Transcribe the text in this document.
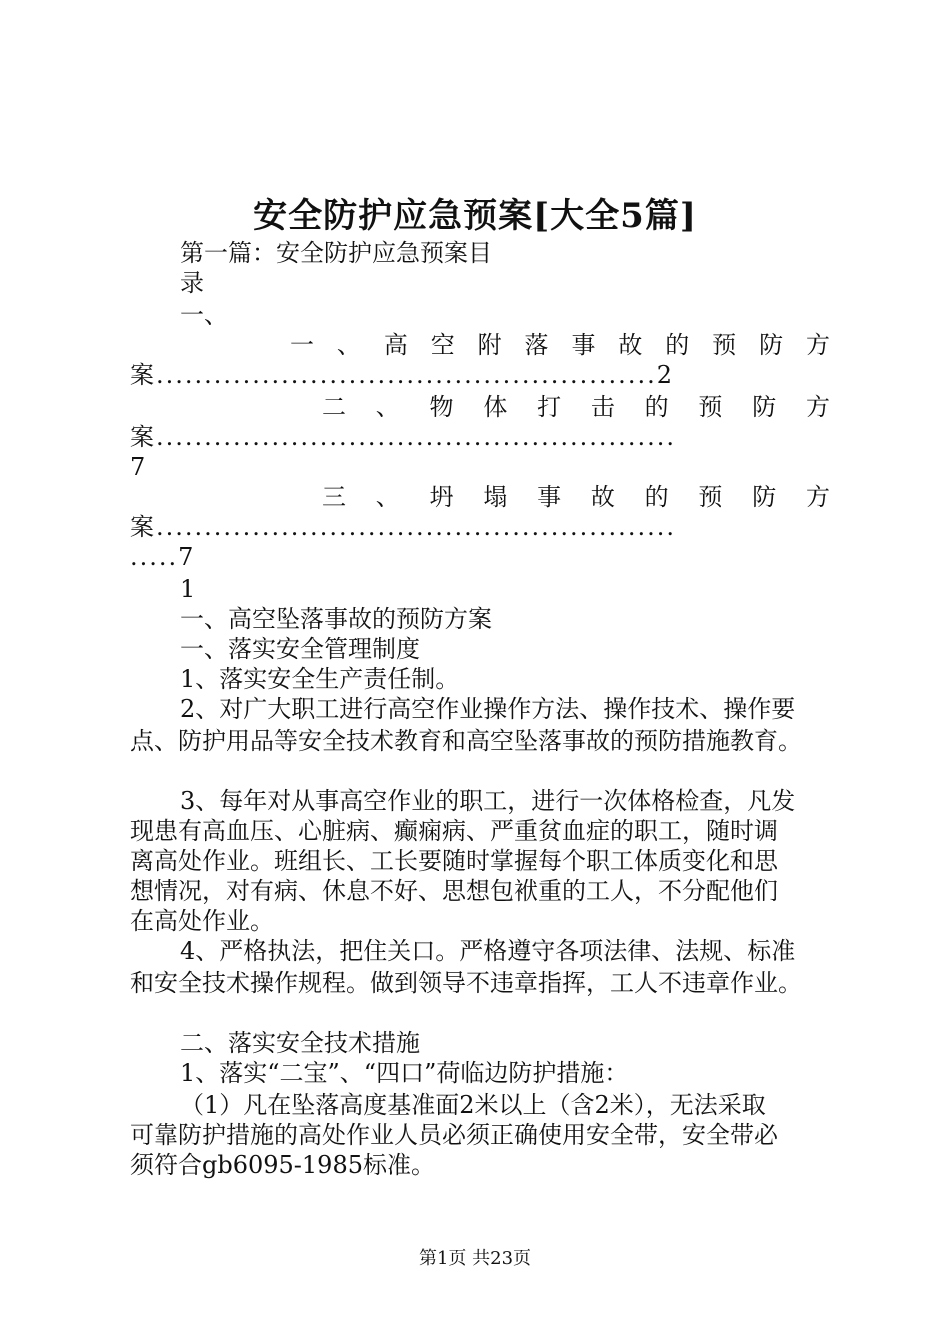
安全防护应急预案[大全5篇]
第一篇：安全防护应急预案目
录
一、
一 、 高 空 附 落 事 故 的 预 防 方
案....................................................2
二 、 物 体 打 击 的 预 防 方
案......................................................
7
三 、 坍 塌 事 故 的 预 防 方
案......................................................
.....7
1
一、高空坠落事故的预防方案
一、落实安全管理制度
1、落实安全生产责任制。
2、对广大职工进行高空作业操作方法、操作技术、操作要
点、防护用品等安全技术教育和高空坠落事故的预防措施教育。
3、每年对从事高空作业的职工，进行一次体格检查，凡发
现患有高血压、心脏病、癫痫病、严重贫血症的职工，随时调
离高处作业。班组长、工长要随时掌握每个职工体质变化和思
想情况，对有病、休息不好、思想包袱重的工人，不分配他们
在高处作业。
4、严格执法，把住关口。严格遵守各项法律、法规、标准
和安全技术操作规程。做到领导不违章指挥，工人不违章作业。
二、落实安全技术措施
1、落实“二宝”、“四口”荷临边防护措施：
（1）凡在坠落高度基准面2米以上（含2米），无法采取
可靠防护措施的高处作业人员必须正确使用安全带，安全带必
须符合gb6095-1985标准。
第1页 共23页
